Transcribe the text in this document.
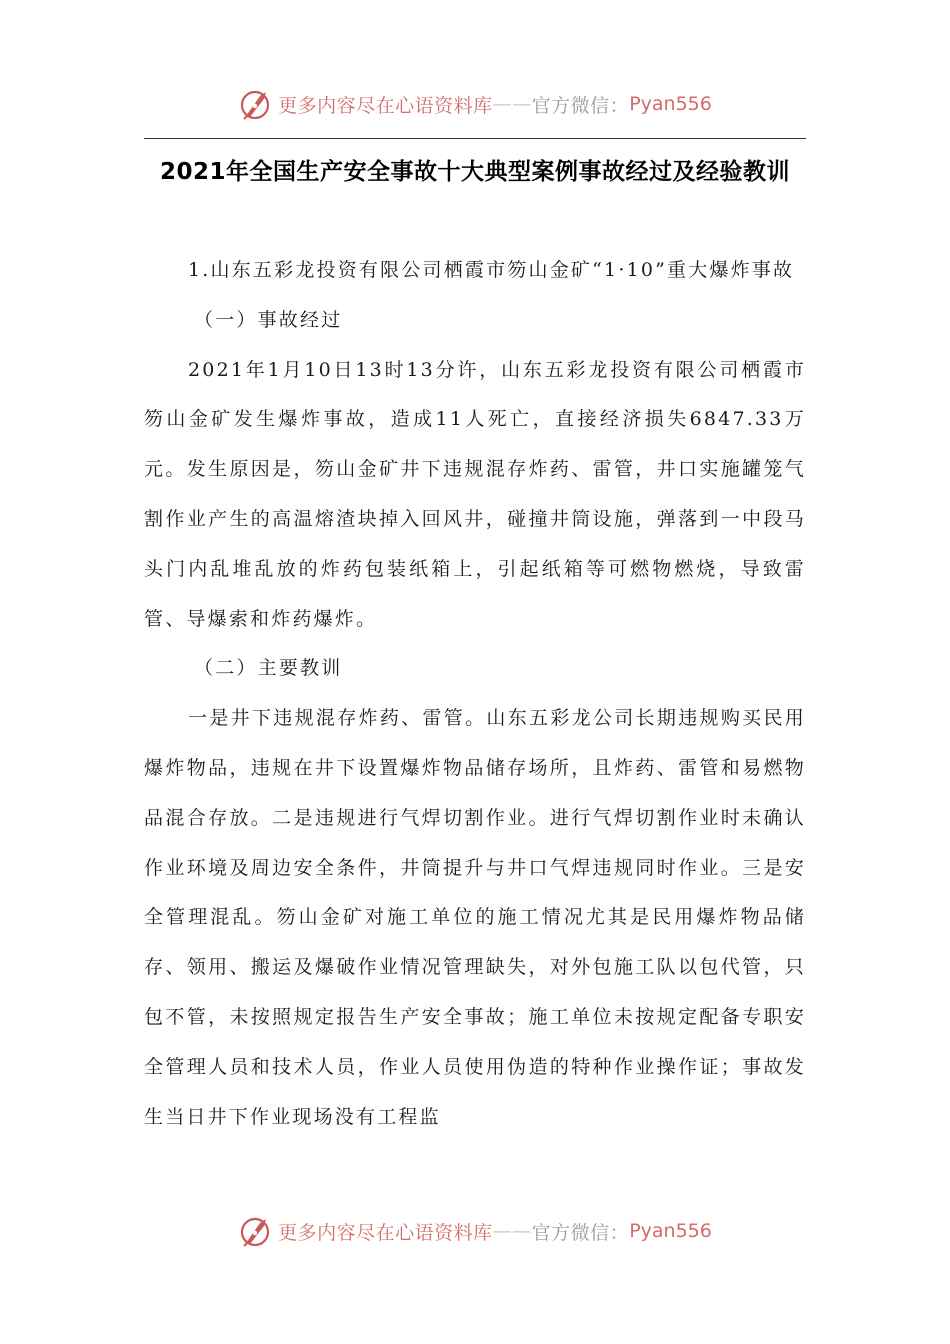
更多内容尽在心语资料库 —— 官方微信： Pyan556
2021年全国生产安全事故十大典型案例事故经过及经验教训

1.山东五彩龙投资有限公司栖霞市笏山金矿“1·10”重大爆炸事故

（一）事故经过

2021年1月10日13时13分许，山东五彩龙投资有限公司栖霞市笏山金矿发生爆炸事故，造成11人死亡，直接经济损失6847.33万元。发生原因是，笏山金矿井下违规混存炸药、雷管，井口实施罐笼气割作业产生的高温熔渣块掉入回风井，碰撞井筒设施，弹落到一中段马头门内乱堆乱放的炸药包装纸箱上，引起纸箱等可燃物燃烧，导致雷管、导爆索和炸药爆炸。

（二）主要教训

一是井下违规混存炸药、雷管。山东五彩龙公司长期违规购买民用爆炸物品，违规在井下设置爆炸物品储存场所，且炸药、雷管和易燃物品混合存放。二是违规进行气焊切割作业。进行气焊切割作业时未确认作业环境及周边安全条件，井筒提升与井口气焊违规同时作业。三是安全管理混乱。笏山金矿对施工单位的施工情况尤其是民用爆炸物品储存、领用、搬运及爆破作业情况管理缺失，对外包施工队以包代管，只包不管，未按照规定报告生产安全事故；施工单位未按规定配备专职安全管理人员和技术人员，作业人员使用伪造的特种作业操作证；事故发生当日井下作业现场没有工程监

更多内容尽在心语资料库 —— 官方微信： Pyan556
